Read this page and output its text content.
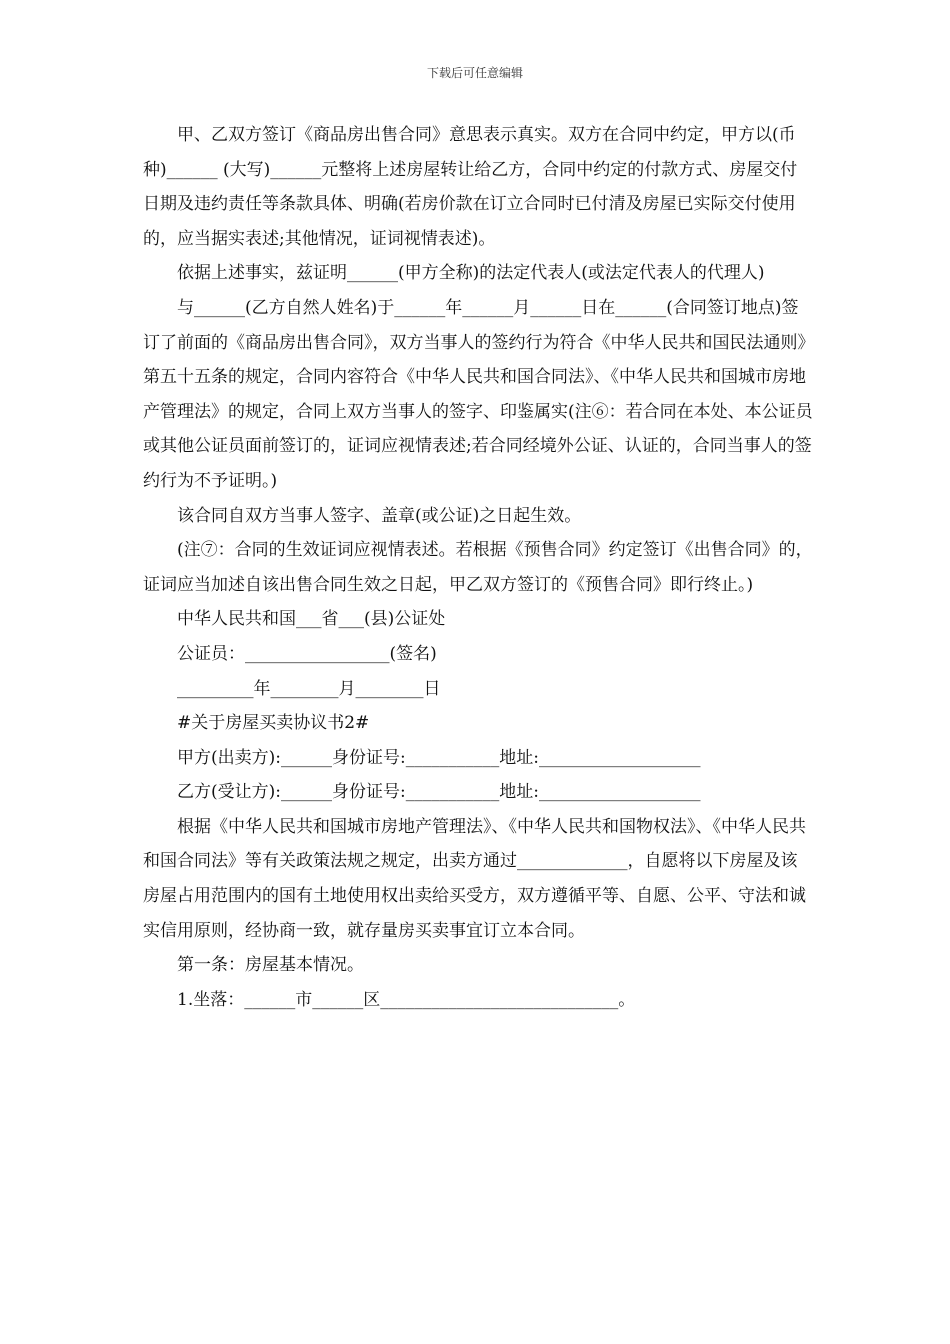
下载后可任意编辑

甲、乙双方签订《商品房出售合同》意思表示真实。双方在合同中约定，甲方以(币种)______ (大写)______元整将上述房屋转让给乙方，合同中约定的付款方式、房屋交付日期及违约责任等条款具体、明确(若房价款在订立合同时已付清及房屋已实际交付使用的，应当据实表述;其他情况，证词视情表述)。

依据上述事实，兹证明______(甲方全称)的法定代表人(或法定代表人的代理人)

与______(乙方自然人姓名)于______年______月______日在______(合同签订地点)签订了前面的《商品房出售合同》，双方当事人的签约行为符合《中华人民共和国民法通则》第五十五条的规定，合同内容符合《中华人民共和国合同法》、《中华人民共和国城市房地产管理法》的规定，合同上双方当事人的签字、印鉴属实(注⑥：若合同在本处、本公证员或其他公证员面前签订的，证词应视情表述;若合同经境外公证、认证的，合同当事人的签约行为不予证明。)

该合同自双方当事人签字、盖章(或公证)之日起生效。

(注⑦：合同的生效证词应视情表述。若根据《预售合同》约定签订《出售合同》的，证词应当加述自该出售合同生效之日起，甲乙双方签订的《预售合同》即行终止。)

中华人民共和国___省___(县)公证处

公证员：_________________(签名)

_________年________月________日

#关于房屋买卖协议书2#

甲方(出卖方):______身份证号:___________地址:___________________

乙方(受让方):______身份证号:___________地址:___________________

根据《中华人民共和国城市房地产管理法》、《中华人民共和国物权法》、《中华人民共和国合同法》等有关政策法规之规定，出卖方通过_____________，自愿将以下房屋及该房屋占用范围内的国有土地使用权出卖给买受方，双方遵循平等、自愿、公平、守法和诚实信用原则，经协商一致，就存量房买卖事宜订立本合同。

第一条：房屋基本情况。

1.坐落：______市______区____________________________。
